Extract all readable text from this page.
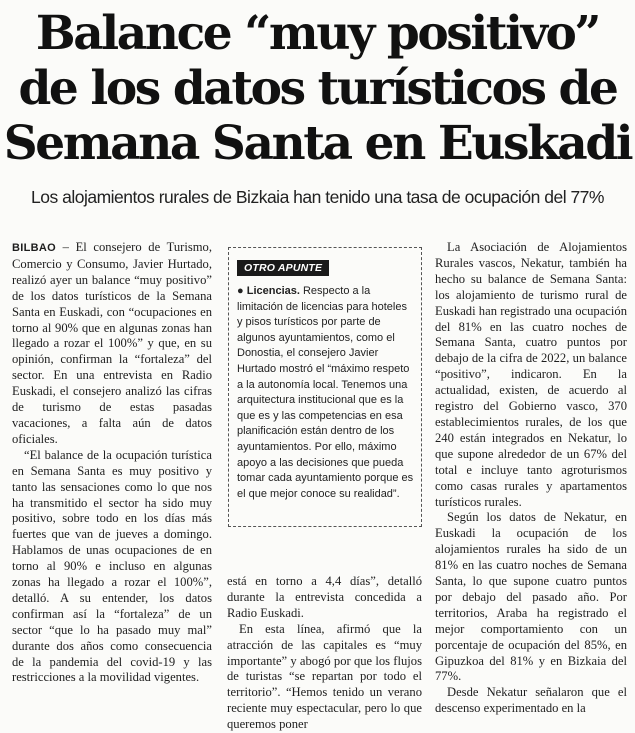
Balance “muy positivo”
de los datos turísticos de
Semana Santa en Euskadi
Los alojamientos rurales de Bizkaia han tenido una tasa de ocupación del 77%

BILBAO – El consejero de Turismo, Comercio y Consumo, Javier Hurtado, realizó ayer un balance “muy positivo” de los datos turísticos de la Semana Santa en Euskadi, con “ocupaciones en torno al 90% que en algunas zonas han llegado a rozar el 100%” y que, en su opinión, confirman la “fortaleza” del sector. En una entrevista en Radio Euskadi, el consejero analizó las cifras de turismo de estas pasadas vacaciones, a falta aún de datos oficiales.

“El balance de la ocupación turística en Semana Santa es muy positivo y tanto las sensaciones como lo que nos ha transmitido el sector ha sido muy positivo, sobre todo en los días más fuertes que van de jueves a domingo. Hablamos de unas ocupaciones de en torno al 90% e incluso en algunas zonas ha llegado a rozar el 100%”, detalló. A su entender, los datos confirman así la “fortaleza” de un sector “que lo ha pasado muy mal” durante dos años como consecuencia de la pandemia del covid-19 y las restricciones a la movilidad vigentes.

OTRO APUNTE
● Licencias. Respecto a la limitación de licencias para hoteles y pisos turísticos por parte de algunos ayuntamientos, como el Donostia, el consejero Javier Hurtado mostró el “máximo respeto a la autonomía local. Tenemos una arquitectura institucional que es la que es y las competencias en esa planificación están dentro de los ayuntamientos. Por ello, máximo apoyo a las decisiones que pueda tomar cada ayuntamiento porque es el que mejor conoce su realidad”.

está en torno a 4,4 días”, detalló durante la entrevista concedida a Radio Euskadi.

En esta línea, afirmó que la atracción de las capitales es “muy importante” y abogó por que los flujos de turistas “se repartan por todo el territorio”. “Hemos tenido un verano reciente muy espectacular, pero lo que queremos poner

La Asociación de Alojamientos Rurales vascos, Nekatur, también ha hecho su balance de Semana Santa: los alojamiento de turismo rural de Euskadi han registrado una ocupación del 81% en las cuatro noches de Semana Santa, cuatro puntos por debajo de la cifra de 2022, un balance “positivo”, indicaron. En la actualidad, existen, de acuerdo al registro del Gobierno vasco, 370 establecimientos rurales, de los que 240 están integrados en Nekatur, lo que supone alrededor de un 67% del total e incluye tanto agroturismos como casas rurales y apartamentos turísticos rurales.

Según los datos de Nekatur, en Euskadi la ocupación de los alojamientos rurales ha sido de un 81% en las cuatro noches de Semana Santa, lo que supone cuatro puntos por debajo del pasado año. Por territorios, Araba ha registrado el mejor comportamiento con un porcentaje de ocupación del 85%, en Gipuzkoa del 81% y en Bizkaia del 77%.

Desde Nekatur señalaron que el descenso experimentado en la
